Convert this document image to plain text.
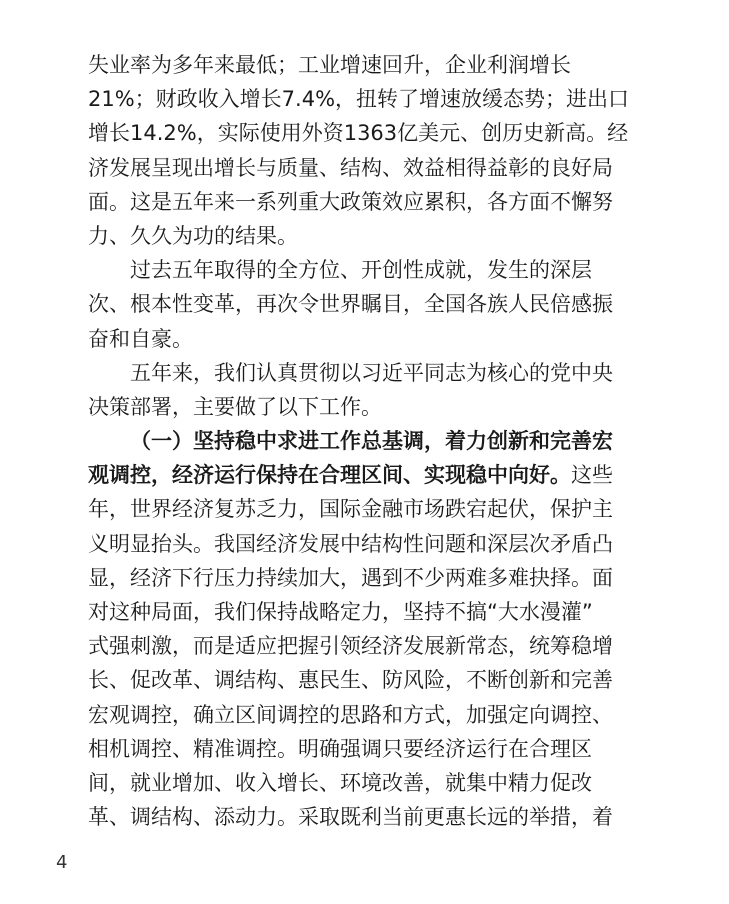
失业率为多年来最低；工业增速回升，企业利润增长
21%；财政收入增长7.4%，扭转了增速放缓态势；进出口
增长14.2%，实际使用外资1363亿美元、创历史新高。经
济发展呈现出增长与质量、结构、效益相得益彰的良好局
面。这是五年来一系列重大政策效应累积，各方面不懈努
力、久久为功的结果。
过去五年取得的全方位、开创性成就，发生的深层
次、根本性变革，再次令世界瞩目，全国各族人民倍感振
奋和自豪。
五年来，我们认真贯彻以习近平同志为核心的党中央
决策部署，主要做了以下工作。
（一）坚持稳中求进工作总基调，着力创新和完善宏
观调控，经济运行保持在合理区间、实现稳中向好。这些
年，世界经济复苏乏力，国际金融市场跌宕起伏，保护主
义明显抬头。我国经济发展中结构性问题和深层次矛盾凸
显，经济下行压力持续加大，遇到不少两难多难抉择。面
对这种局面，我们保持战略定力，坚持不搞“大水漫灌”
式强刺激，而是适应把握引领经济发展新常态，统筹稳增
长、促改革、调结构、惠民生、防风险，不断创新和完善
宏观调控，确立区间调控的思路和方式，加强定向调控、
相机调控、精准调控。明确强调只要经济运行在合理区
间，就业增加、收入增长、环境改善，就集中精力促改
革、调结构、添动力。采取既利当前更惠长远的举措，着
4
